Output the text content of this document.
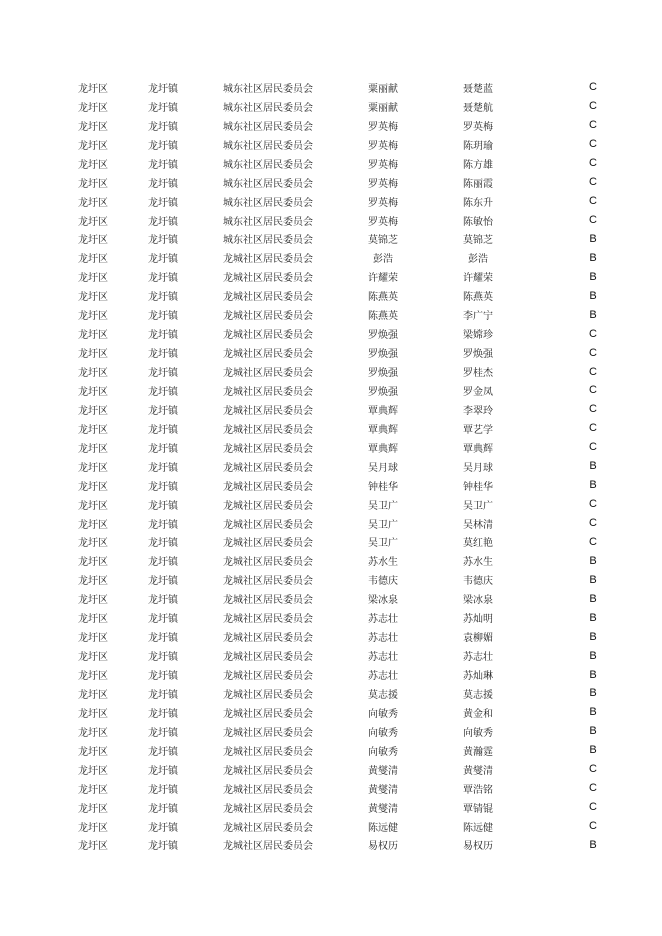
龙圩区	龙圩镇	城东社区居民委员会	粟丽献	聂楚蓝	C
龙圩区	龙圩镇	城东社区居民委员会	粟丽献	聂楚航	C
龙圩区	龙圩镇	城东社区居民委员会	罗英梅	罗英梅	C
龙圩区	龙圩镇	城东社区居民委员会	罗英梅	陈玥瑜	C
龙圩区	龙圩镇	城东社区居民委员会	罗英梅	陈方雄	C
龙圩区	龙圩镇	城东社区居民委员会	罗英梅	陈丽霞	C
龙圩区	龙圩镇	城东社区居民委员会	罗英梅	陈东升	C
龙圩区	龙圩镇	城东社区居民委员会	罗英梅	陈敏怡	C
龙圩区	龙圩镇	城东社区居民委员会	莫锦芝	莫锦芝	B
龙圩区	龙圩镇	龙城社区居民委员会	彭浩	彭浩	B
龙圩区	龙圩镇	龙城社区居民委员会	许耀荣	许耀荣	B
龙圩区	龙圩镇	龙城社区居民委员会	陈燕英	陈燕英	B
龙圩区	龙圩镇	龙城社区居民委员会	陈燕英	李广宁	B
龙圩区	龙圩镇	龙城社区居民委员会	罗焕强	梁嫦珍	C
龙圩区	龙圩镇	龙城社区居民委员会	罗焕强	罗焕强	C
龙圩区	龙圩镇	龙城社区居民委员会	罗焕强	罗桂杰	C
龙圩区	龙圩镇	龙城社区居民委员会	罗焕强	罗金凤	C
龙圩区	龙圩镇	龙城社区居民委员会	覃典辉	李翠玲	C
龙圩区	龙圩镇	龙城社区居民委员会	覃典辉	覃艺学	C
龙圩区	龙圩镇	龙城社区居民委员会	覃典辉	覃典辉	C
龙圩区	龙圩镇	龙城社区居民委员会	吴月球	吴月球	B
龙圩区	龙圩镇	龙城社区居民委员会	钟桂华	钟桂华	B
龙圩区	龙圩镇	龙城社区居民委员会	吴卫广	吴卫广	C
龙圩区	龙圩镇	龙城社区居民委员会	吴卫广	吴林清	C
龙圩区	龙圩镇	龙城社区居民委员会	吴卫广	莫红艳	C
龙圩区	龙圩镇	龙城社区居民委员会	苏水生	苏水生	B
龙圩区	龙圩镇	龙城社区居民委员会	韦德庆	韦德庆	B
龙圩区	龙圩镇	龙城社区居民委员会	梁冰泉	梁冰泉	B
龙圩区	龙圩镇	龙城社区居民委员会	苏志壮	苏灿明	B
龙圩区	龙圩镇	龙城社区居民委员会	苏志壮	袁柳媚	B
龙圩区	龙圩镇	龙城社区居民委员会	苏志壮	苏志壮	B
龙圩区	龙圩镇	龙城社区居民委员会	苏志壮	苏灿琳	B
龙圩区	龙圩镇	龙城社区居民委员会	莫志援	莫志援	B
龙圩区	龙圩镇	龙城社区居民委员会	向敏秀	黄金和	B
龙圩区	龙圩镇	龙城社区居民委员会	向敏秀	向敏秀	B
龙圩区	龙圩镇	龙城社区居民委员会	向敏秀	黄瀚霆	B
龙圩区	龙圩镇	龙城社区居民委员会	黄燮清	黄燮清	C
龙圩区	龙圩镇	龙城社区居民委员会	黄燮清	覃浩铭	C
龙圩区	龙圩镇	龙城社区居民委员会	黄燮清	覃锖锟	C
龙圩区	龙圩镇	龙城社区居民委员会	陈远健	陈远健	C
龙圩区	龙圩镇	龙城社区居民委员会	易权历	易权历	B
